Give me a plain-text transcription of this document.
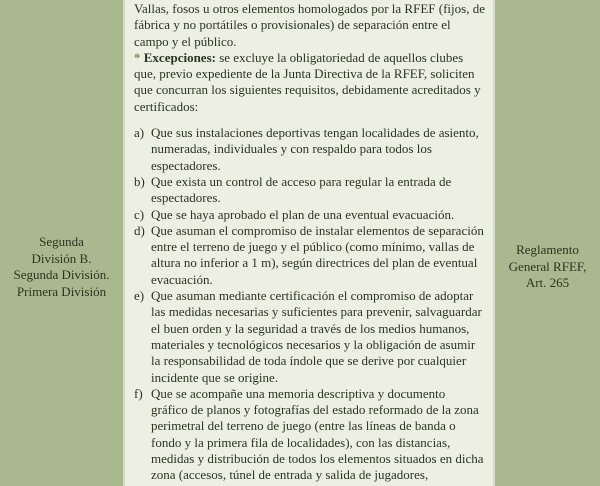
Segunda
División B.
Segunda División.
Primera División

Vallas, fosos u otros elementos homologados por la RFEF (fijos, de fábrica y no portátiles o provisionales) de separación entre el campo y el público.

* Excepciones: se excluye la obligatoriedad de aquellos clubes que, previo expediente de la Junta Directiva de la RFEF, soliciten que concurran los siguientes requisitos, debidamente acreditados y certificados:

a) Que sus instalaciones deportivas tengan localidades de asiento, numeradas, individuales y con respaldo para todos los espectadores.
b) Que exista un control de acceso para regular la entrada de espectadores.
c) Que se haya aprobado el plan de una eventual evacuación.
d) Que asuman el compromiso de instalar elementos de separación entre el terreno de juego y el público (como mínimo, vallas de altura no inferior a 1 m), según directrices del plan de eventual evacuación.
e) Que asuman mediante certificación el compromiso de adoptar las medidas necesarias y suficientes para prevenir, salvaguardar el buen orden y la seguridad a través de los medios humanos, materiales y tecnológicos necesarios y la obligación de asumir la responsabilidad de toda índole que se derive por cualquier incidente que se origine.
f) Que se acompañe una memoria descriptiva y documento gráfico de planos y fotografías del estado reformado de la zona perimetral del terreno de juego (entre las líneas de banda o fondo y la primera fila de localidades), con las distancias, medidas y distribución de todos los elementos situados en dicha zona (accesos, túnel de entrada y salida de jugadores,
Reglamento
General RFEF,
Art. 265
